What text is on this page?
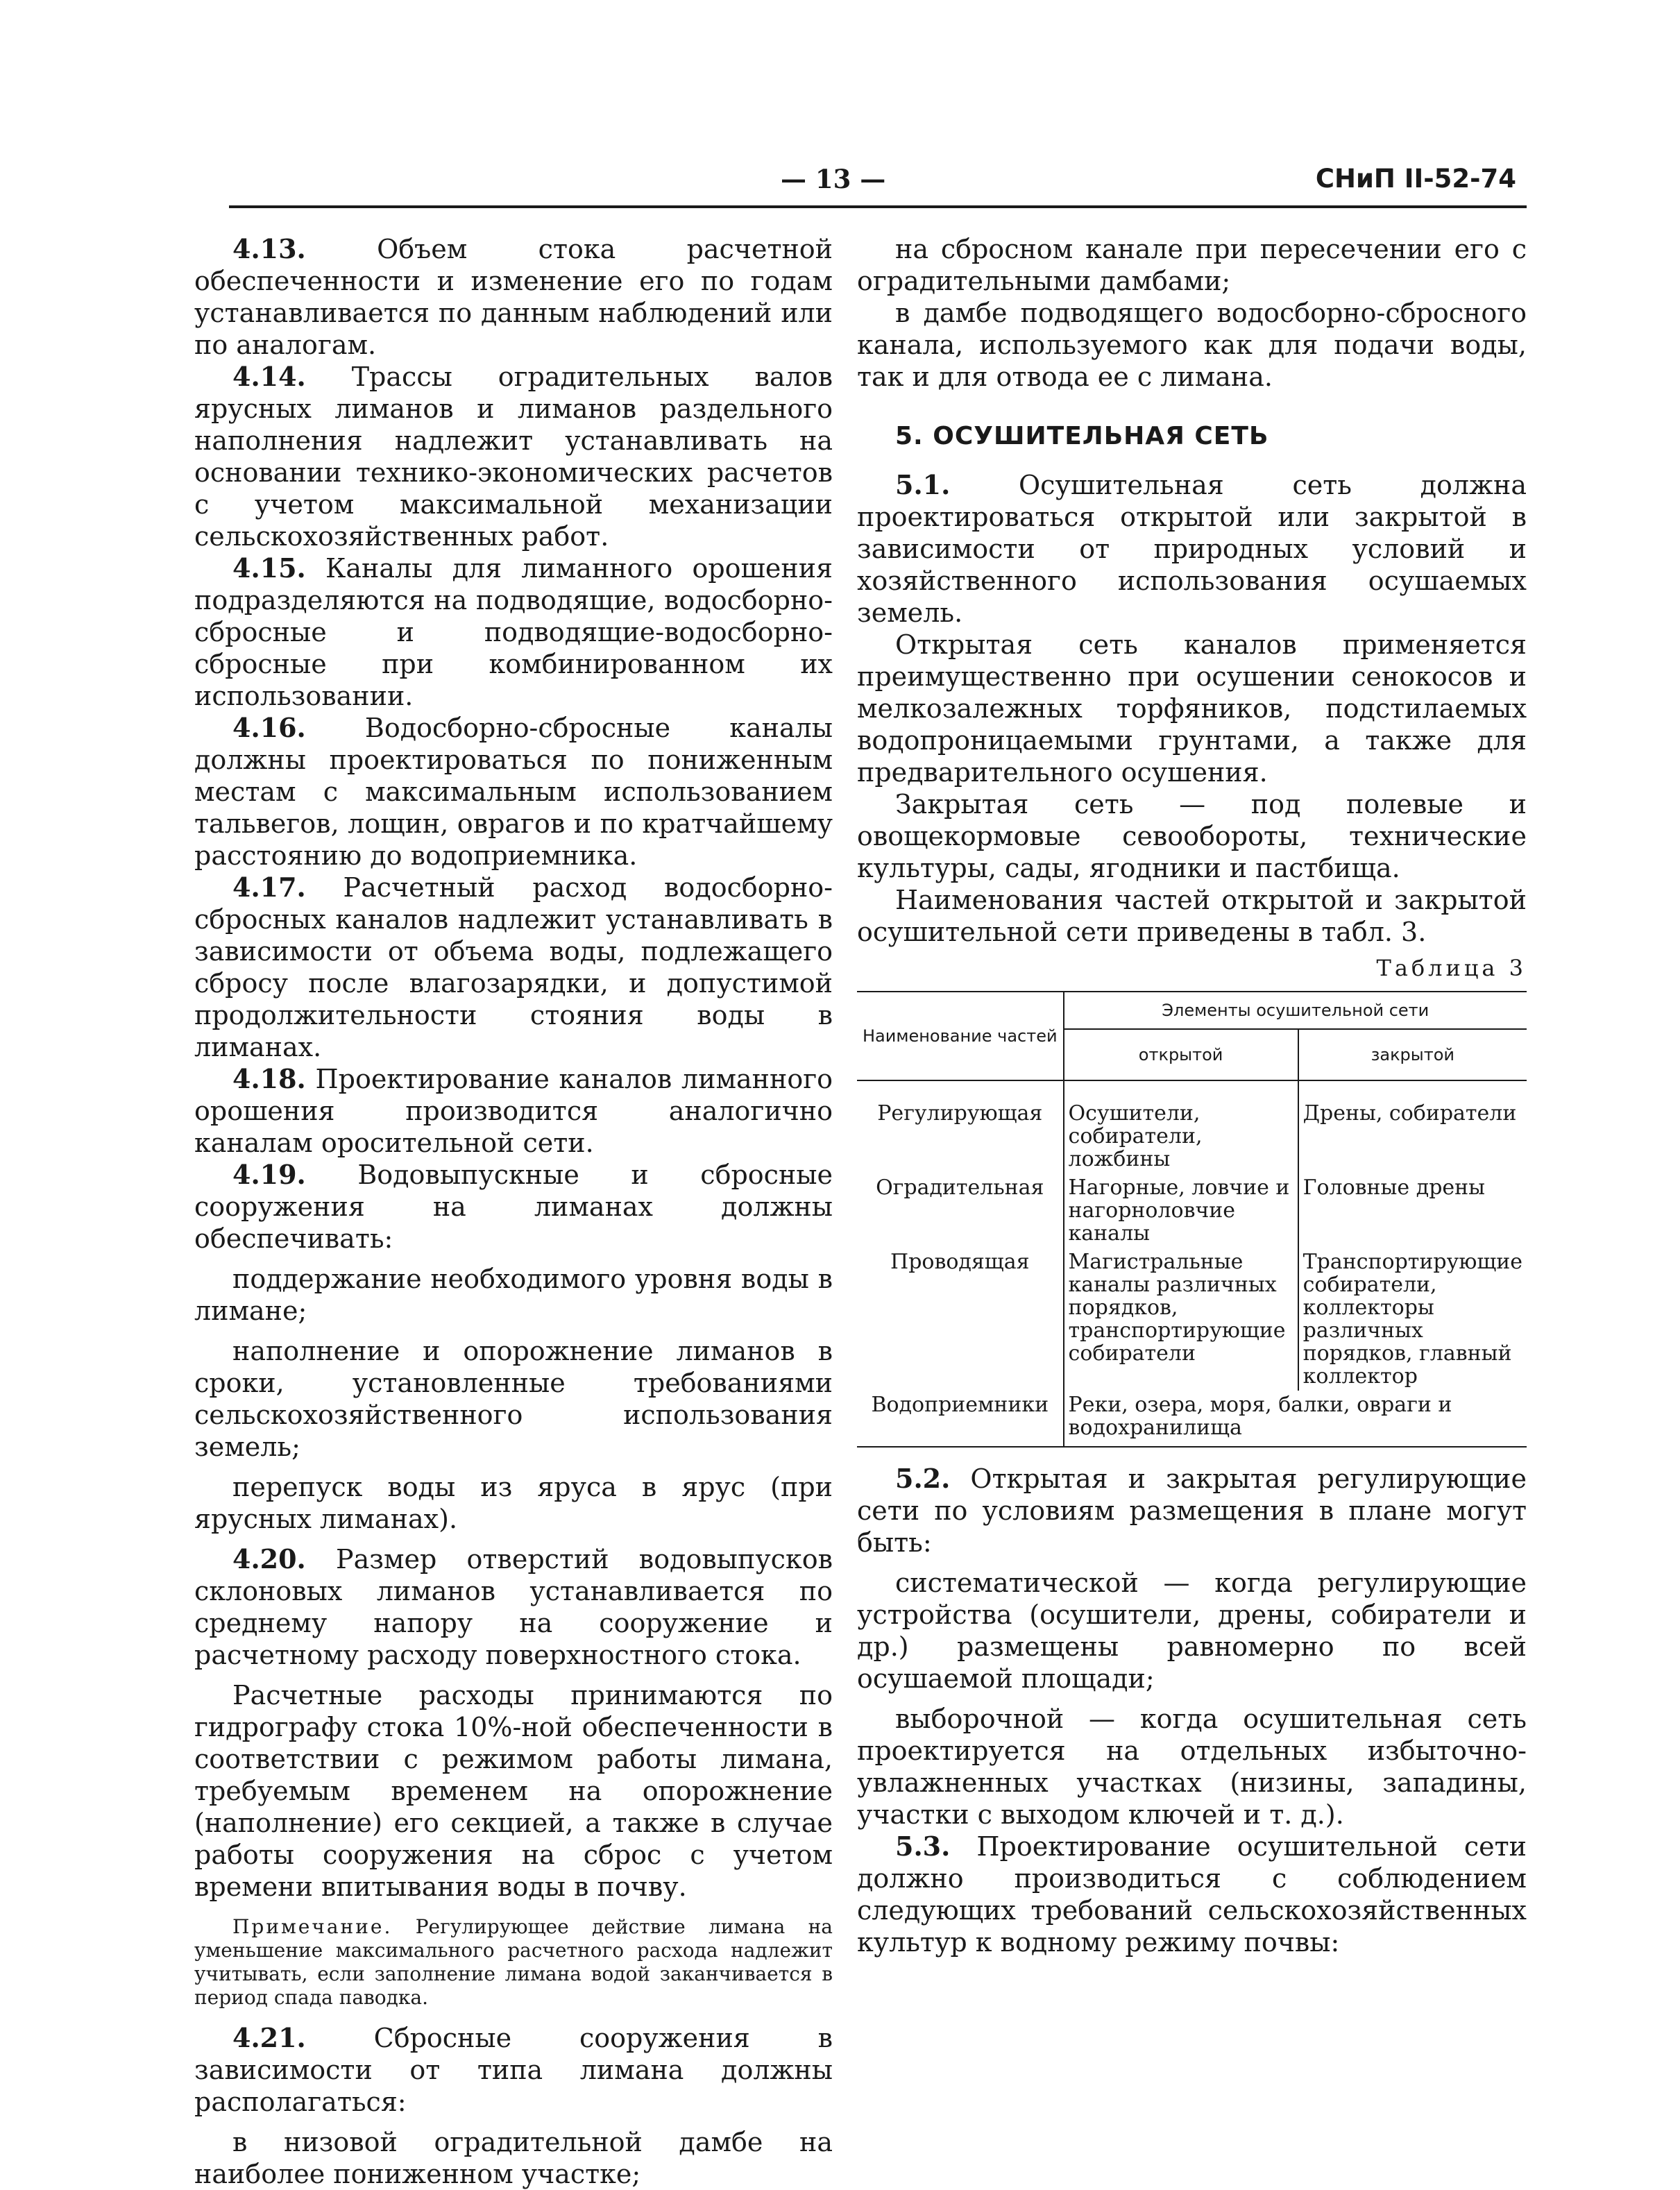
— 13 —	СНиП II-52-74

4.13. Объем стока расчетной обеспеченности и изменение его по годам устанавливается по данным наблюдений или по аналогам.

4.14. Трассы оградительных валов ярусных лиманов и лиманов раздельного наполнения надлежит устанавливать на основании технико-экономических расчетов с учетом максимальной механизации сельскохозяйственных работ.

4.15. Каналы для лиманного орошения подразделяются на подводящие, водосборно-сбросные и подводящие-водосборно-сбросные при комбинированном их использовании.

4.16. Водосборно-сбросные каналы должны проектироваться по пониженным местам с максимальным использованием тальвегов, лощин, оврагов и по кратчайшему расстоянию до водоприемника.

4.17. Расчетный расход водосборно-сбросных каналов надлежит устанавливать в зависимости от объема воды, подлежащего сбросу после влагозарядки, и допустимой продолжительности стояния воды в лиманах.

4.18. Проектирование каналов лиманного орошения производится аналогично каналам оросительной сети.

4.19. Водовыпускные и сбросные сооружения на лиманах должны обеспечивать:

поддержание необходимого уровня воды в лимане;

наполнение и опорожнение лиманов в сроки, установленные требованиями сельскохозяйственного использования земель;

перепуск воды из яруса в ярус (при ярусных лиманах).

4.20. Размер отверстий водовыпусков склоновых лиманов устанавливается по среднему напору на сооружение и расчетному расходу поверхностного стока.

Расчетные расходы принимаются по гидрографу стока 10%-ной обеспеченности в соответствии с режимом работы лимана, требуемым временем на опорожнение (наполнение) его секцией, а также в случае работы сооружения на сброс с учетом времени впитывания воды в почву.

Примечание. Регулирующее действие лимана на уменьшение максимального расчетного расхода надлежит учитывать, если заполнение лимана водой заканчивается в период спада паводка.

4.21. Сбросные сооружения в зависимости от типа лимана должны располагаться:

в низовой оградительной дамбе на наиболее пониженном участке;

на сбросном канале при пересечении его с оградительными дамбами;

в дамбе подводящего водосборно-сбросного канала, используемого как для подачи воды, так и для отвода ее с лимана.

5. ОСУШИТЕЛЬНАЯ СЕТЬ

5.1. Осушительная сеть должна проектироваться открытой или закрытой в зависимости от природных условий и хозяйственного использования осушаемых земель.

Открытая сеть каналов применяется преимущественно при осушении сенокосов и мелкозалежных торфяников, подстилаемых водопроницаемыми грунтами, а также для предварительного осушения.

Закрытая сеть — под полевые и овощекормовые севообороты, технические культуры, сады, ягодники и пастбища.

Наименования частей открытой и закрытой осушительной сети приведены в табл. 3.

Таблица 3
Наименование частей	Элементы осушительной сети	
	открытой	закрытой
Регулирующая	Осушители, собиратели, ложбины	Дрены, собиратели
Оградительная	Нагорные, ловчие и нагорноловчие каналы	Головные дрены
Проводящая	Магистральные каналы различных порядков, транспортирующие собиратели	Транспортирующие собиратели, коллекторы различных порядков, главный коллектор
Водоприемники	Реки, озера, моря, балки, овраги и водохранилища	

5.2. Открытая и закрытая регулирующие сети по условиям размещения в плане могут быть:

систематической — когда регулирующие устройства (осушители, дрены, собиратели и др.) размещены равномерно по всей осушаемой площади;

выборочной — когда осушительная сеть проектируется на отдельных избыточно-увлажненных участках (низины, западины, участки с выходом ключей и т. д.).

5.3. Проектирование осушительной сети должно производиться с соблюдением следующих требований сельскохозяйственных культур к водному режиму почвы:
